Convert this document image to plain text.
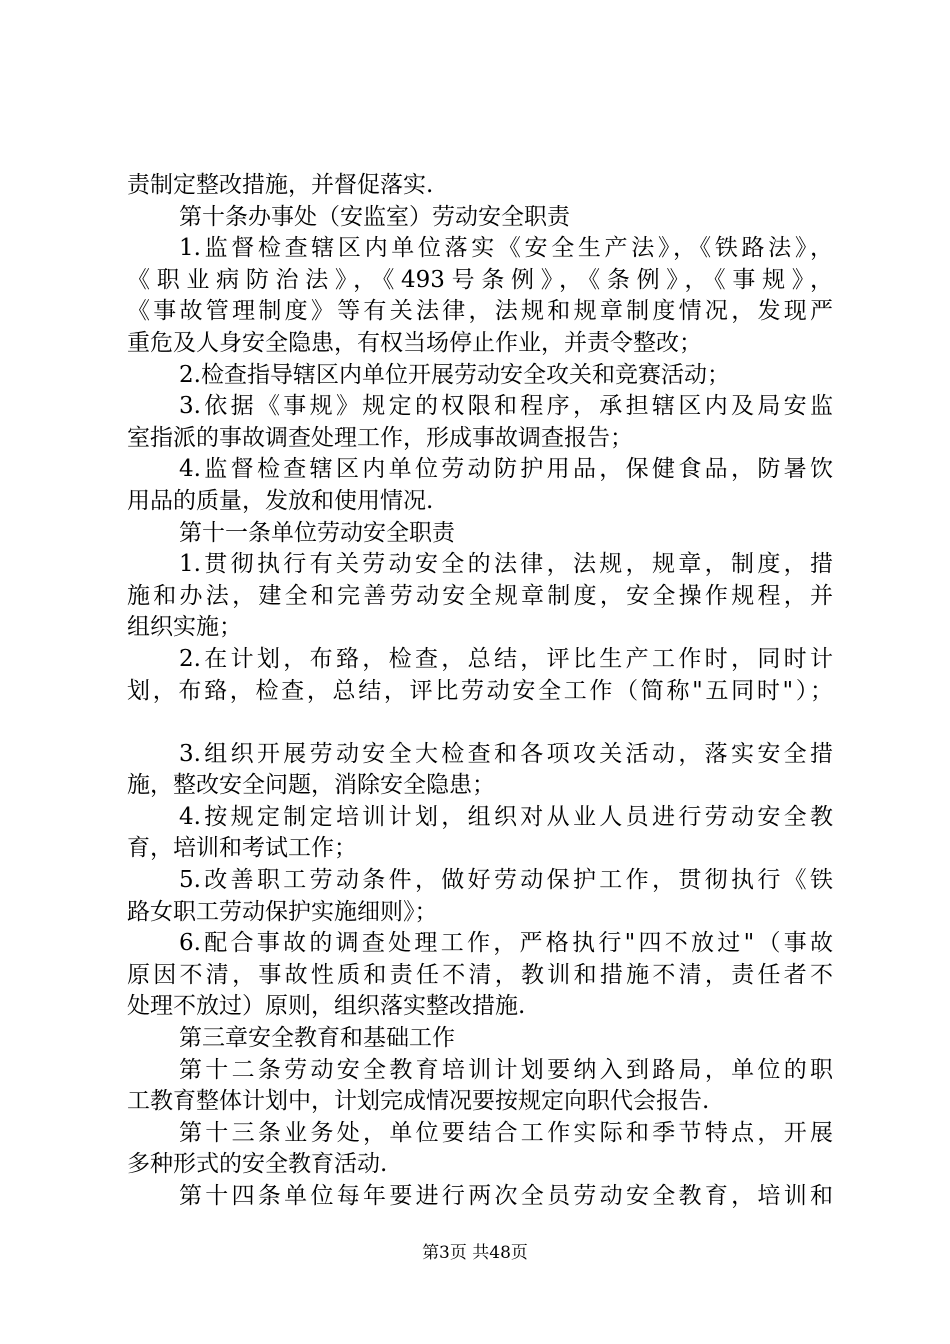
责制定整改措施，并督促落实.
第十条办事处（安监室）劳动安全职责
1.监督检查辖区内单位落实《安全生产法》，《铁路法》，
《职业病防治法》，《493号条例》，《条例》，《事规》，
《事故管理制度》等有关法律，法规和规章制度情况，发现严
重危及人身安全隐患，有权当场停止作业，并责令整改；
2.检查指导辖区内单位开展劳动安全攻关和竞赛活动；
3.依据《事规》规定的权限和程序，承担辖区内及局安监
室指派的事故调查处理工作，形成事故调查报告；
4.监督检查辖区内单位劳动防护用品，保健食品，防暑饮
用品的质量，发放和使用情况.
第十一条单位劳动安全职责
1.贯彻执行有关劳动安全的法律，法规，规章，制度，措
施和办法，建全和完善劳动安全规章制度，安全操作规程，并
组织实施；
2.在计划，布臵，检查，总结，评比生产工作时，同时计
划，布臵，检查，总结，评比劳动安全工作（简称"五同时"）；
3.组织开展劳动安全大检查和各项攻关活动，落实安全措
施，整改安全问题，消除安全隐患；
4.按规定制定培训计划，组织对从业人员进行劳动安全教
育，培训和考试工作；
5.改善职工劳动条件，做好劳动保护工作，贯彻执行《铁
路女职工劳动保护实施细则》；
6.配合事故的调查处理工作，严格执行"四不放过"（事故
原因不清，事故性质和责任不清，教训和措施不清，责任者不
处理不放过）原则，组织落实整改措施.
第三章安全教育和基础工作
第十二条劳动安全教育培训计划要纳入到路局，单位的职
工教育整体计划中，计划完成情况要按规定向职代会报告.
第十三条业务处，单位要结合工作实际和季节特点，开展
多种形式的安全教育活动.
第十四条单位每年要进行两次全员劳动安全教育，培训和
第3页 共48页
